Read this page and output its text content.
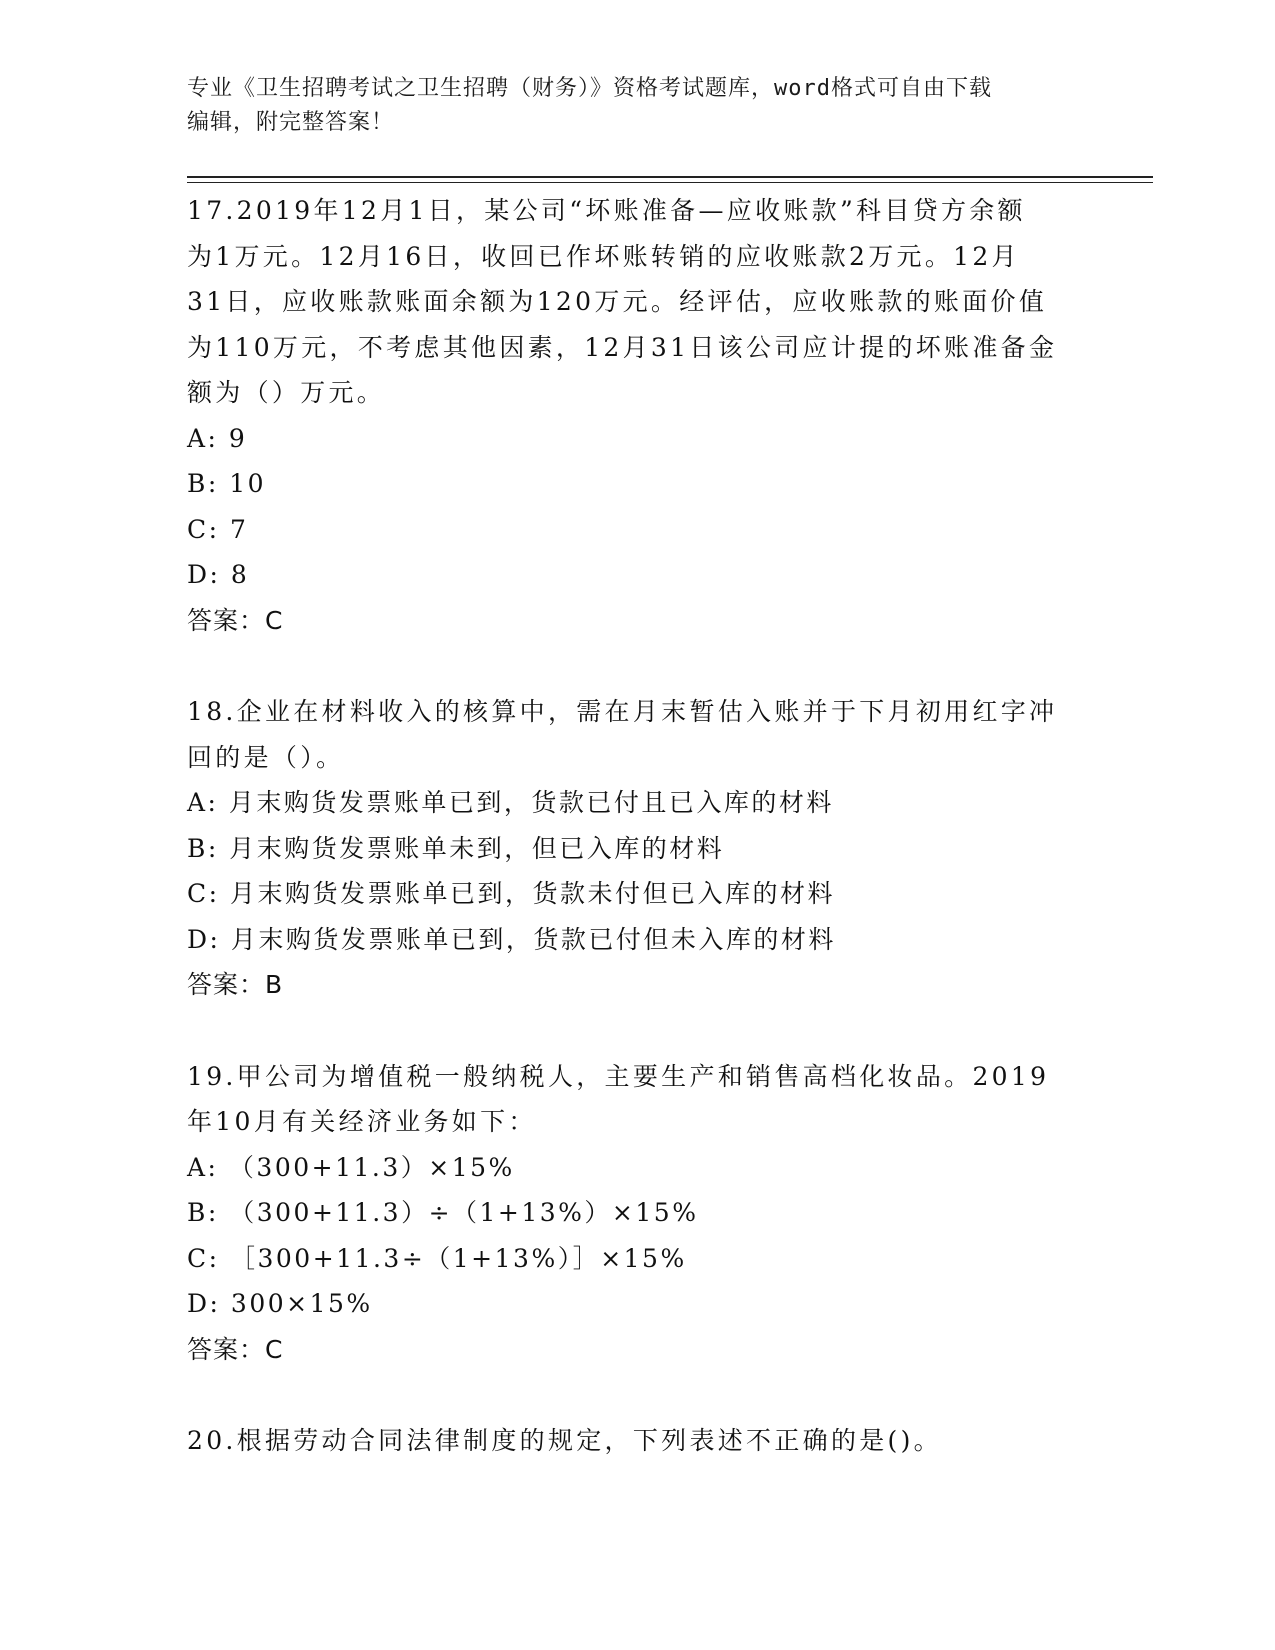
专业《卫生招聘考试之卫生招聘（财务）》资格考试题库，word格式可自由下载
编辑，附完整答案！
17.2019年12月1日，某公司“坏账准备—应收账款”科目贷方余额
为1万元。12月16日，收回已作坏账转销的应收账款2万元。12月
31日，应收账款账面余额为120万元。经评估，应收账款的账面价值
为110万元，不考虑其他因素，12月31日该公司应计提的坏账准备金
额为（）万元。
A: 9
B: 10
C: 7
D: 8
答案：C
18.企业在材料收入的核算中，需在月末暂估入账并于下月初用红字冲
回的是（）。
A: 月末购货发票账单已到，货款已付且已入库的材料
B: 月末购货发票账单未到，但已入库的材料
C: 月末购货发票账单已到，货款未付但已入库的材料
D: 月末购货发票账单已到，货款已付但未入库的材料
答案：B
19.甲公司为增值税一般纳税人，主要生产和销售高档化妆品。2019
年10月有关经济业务如下：
A: （300+11.3）×15%
B: （300+11.3）÷（1+13%）×15%
C: ［300+11.3÷（1+13%）］×15%
D: 300×15%
答案：C
20.根据劳动合同法律制度的规定，下列表述不正确的是()。
